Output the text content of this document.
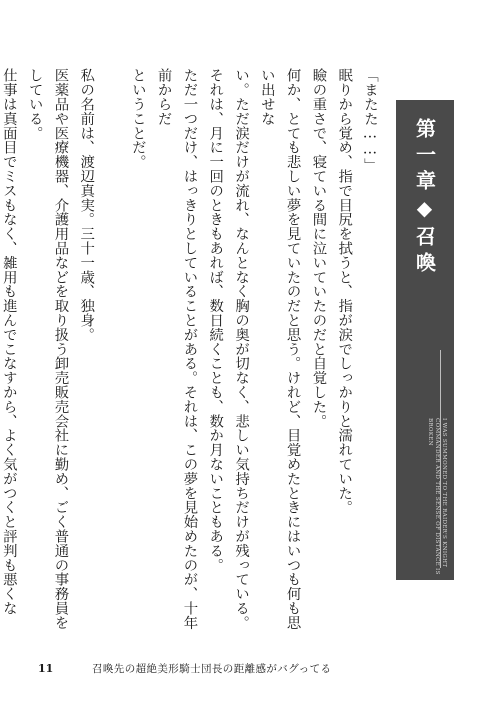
第一章◆召喚
I WAS SUMMONED TO THE RAIDER'S KNIGHT COMMANDER AND THE SENSE OF DISTANCE IS BROKEN

「またた……」

眠りから覚め、指で目尻を拭うと、指が涙でしっかりと濡れていた。

瞼の重さで、寝ている間に泣いていたのだと自覚した。

何か、とても悲しい夢を見ていたのだと思う。けれど、目覚めたときにはいつも何も思い出せな

い。ただ涙だけが流れ、なんとなく胸の奥が切なく、悲しい気持ちだけが残っている。

それは、月に一回のときもあれば、数日続くことも、数か月ないこともある。

ただ一つだけ、はっきりとしていることがある。それは、この夢を見始めたのが、十年前からだ

ということだ。

私の名前は、渡辺真実。三十一歳、独身。

医薬品や医療機器、介護用品などを取り扱う卸売販売会社に勤め、ごく普通の事務員をしている。

仕事は真面目でミスもなく、雑用も進んでこなすから、よく気がつくと評判も悪くな

11	召喚先の超絶美形騎士団長の距離感がバグってる
